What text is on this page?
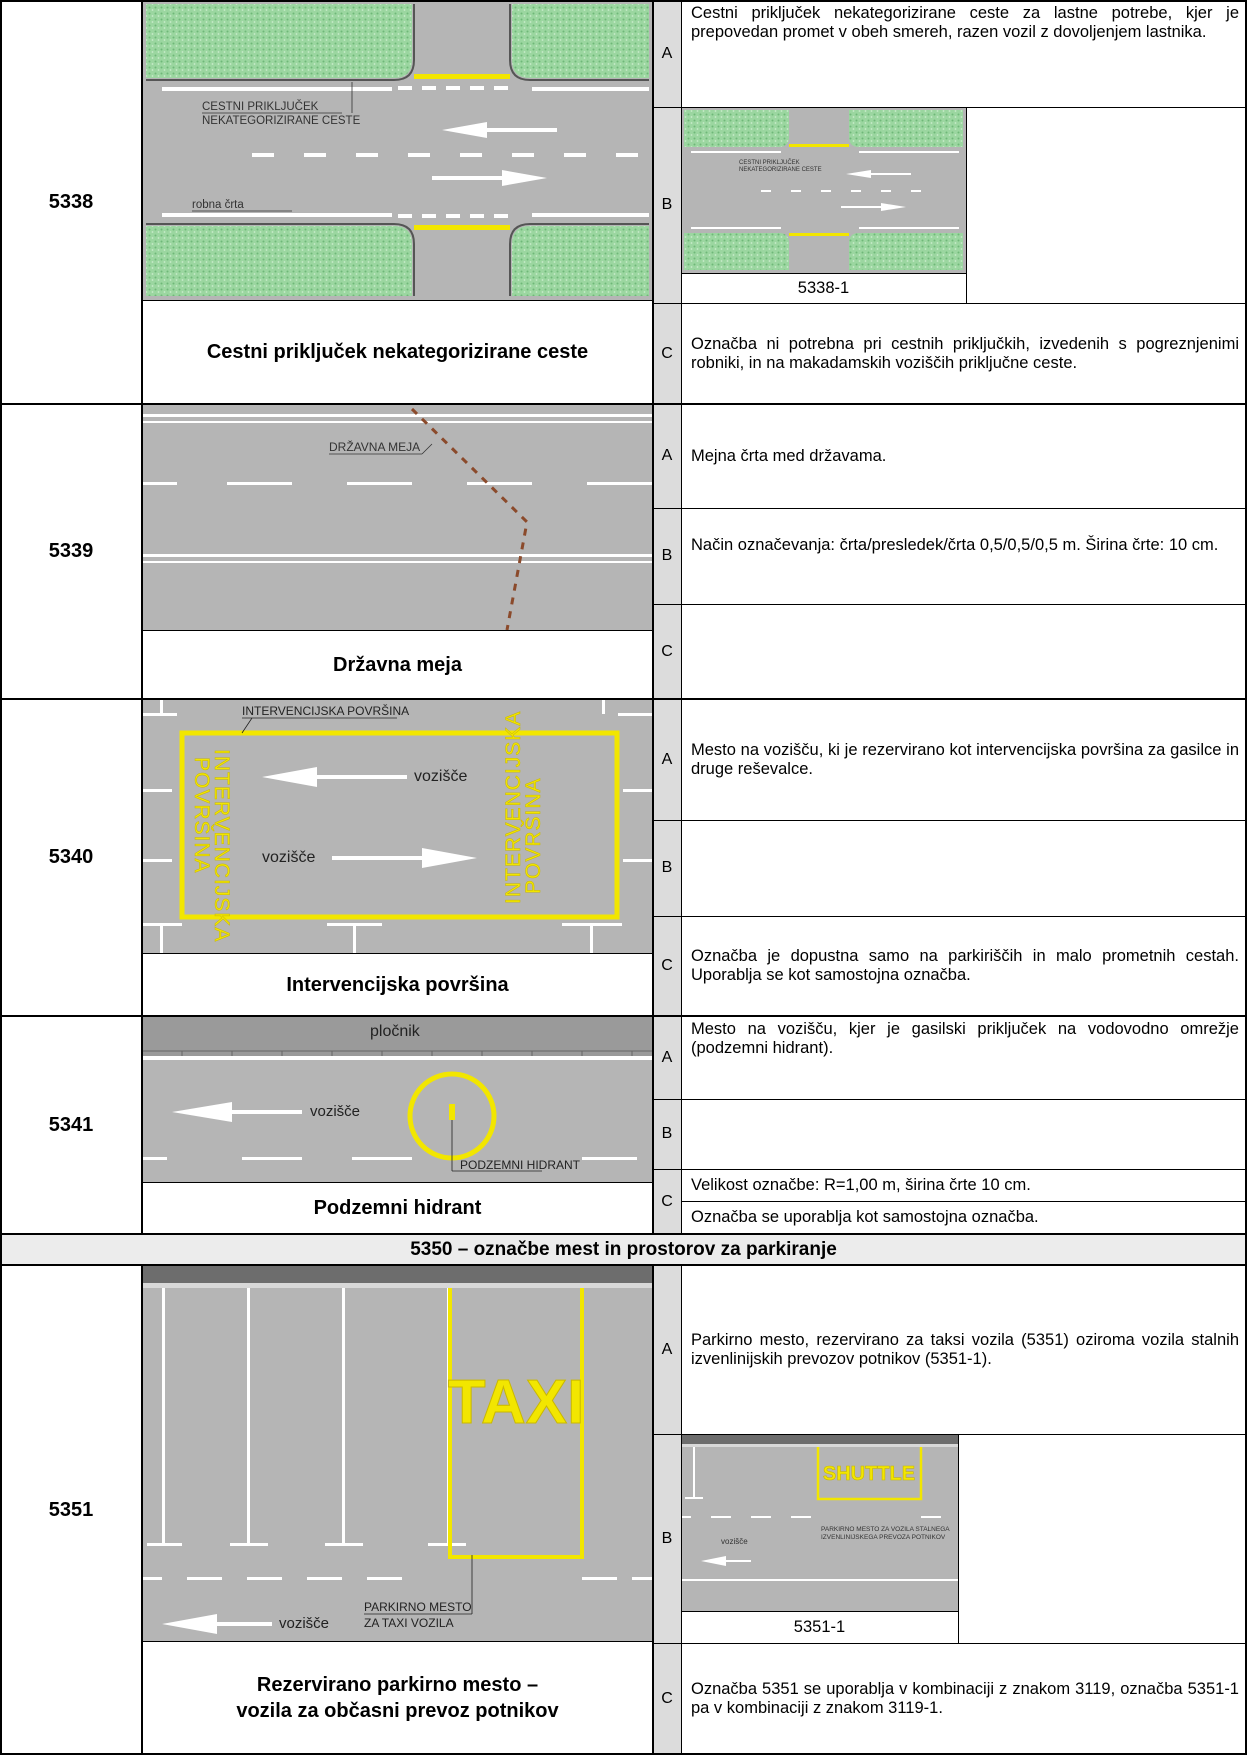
5338
CESTNI PRIKLJUČEK
NEKATEGORIZIRANE CESTE
robna črta
Cestni priključek nekategorizirane ceste
A
B
C
Cestni priključek nekategorizirane ceste za lastne potrebe, kjer je prepovedan promet v obeh smereh, razen vozil z dovoljenjem lastnika.
CESTNI PRIKLJUČEK
NEKATEGORIZIRANE CESTE
5338-1
Označba ni potrebna pri cestnih priključkih, izvedenih s pogreznjenimi robniki, in na makadamskih voziščih priključne ceste.
5339
DRŽAVNA MEJA
Državna meja
A
B
C
Mejna črta med državama.
Način označevanja: črta/presledek/črta 0,5/0,5/0,5 m. Širina črte: 10 cm.
5340
vozišče
vozišče
INTERVENCIJSKA POVRŠINA
INTERVENCIJSKA
POVRŠINA	INTERVENCIJSKA
POVRŠINA
Intervencijska površina
A
B
C
Mesto na vozišču, ki je rezervirano kot intervencijska površina za gasilce in druge reševalce.
Označba je dopustna samo na parkiriščih in malo prometnih cestah. Uporablja se kot samostojna označba.
5341
pločnik
vozišče
PODZEMNI HIDRANT
Podzemni hidrant
A
B
C
Mesto na vozišču, kjer je gasilski priključek na vodovodno omrežje (podzemni hidrant).
Velikost označbe: R=1,00 m, širina črte 10 cm.
Označba se uporablja kot samostojna označba.
5350 – označbe mest in prostorov za parkiranje
5351
TAXI
vozišče
PARKIRNO MESTO
ZA TAXI VOZILA
Rezervirano parkirno mesto –
vozila za občasni prevoz potnikov
A
B
C
Parkirno mesto, rezervirano za taksi vozila (5351) oziroma vozila stalnih izvenlinijskih prevozov potnikov (5351-1).
SHUTTLE
PARKIRNO MESTO ZA VOZILA STALNEGA
IZVENLINIJSKEGA PREVOZA POTNIKOV
vozišče
5351-1
Označba 5351 se uporablja v kombinaciji z znakom 3119, označba 5351-1 pa v kombinaciji z znakom 3119-1.
